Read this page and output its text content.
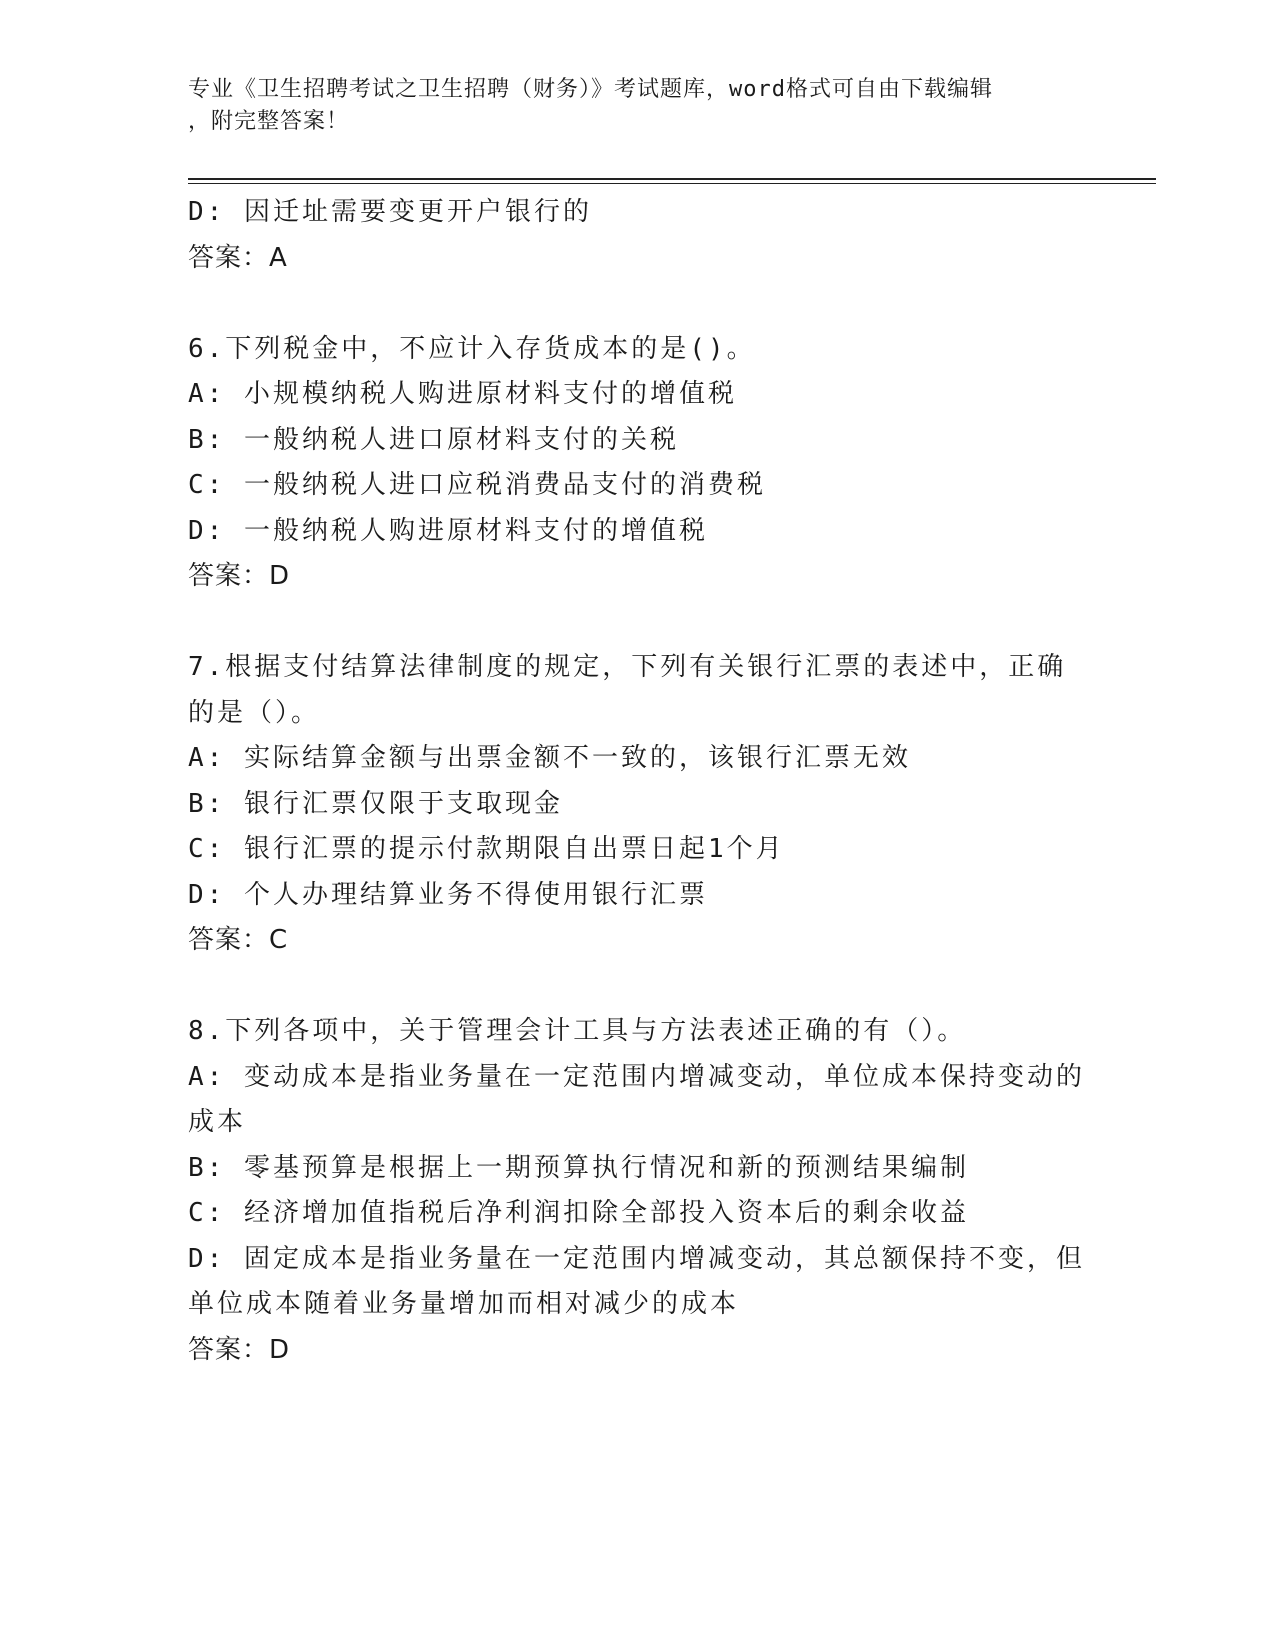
专业《卫生招聘考试之卫生招聘（财务）》考试题库，word格式可自由下载编辑
，附完整答案！
D: 因迁址需要变更开户银行的
答案：A
6.下列税金中，不应计入存货成本的是()。
A: 小规模纳税人购进原材料支付的增值税
B: 一般纳税人进口原材料支付的关税
C: 一般纳税人进口应税消费品支付的消费税
D: 一般纳税人购进原材料支付的增值税
答案：D
7.根据支付结算法律制度的规定，下列有关银行汇票的表述中，正确
的是（）。
A: 实际结算金额与出票金额不一致的，该银行汇票无效
B: 银行汇票仅限于支取现金
C: 银行汇票的提示付款期限自出票日起1个月
D: 个人办理结算业务不得使用银行汇票
答案：C
8.下列各项中，关于管理会计工具与方法表述正确的有（）。
A: 变动成本是指业务量在一定范围内增减变动，单位成本保持变动的
成本
B: 零基预算是根据上一期预算执行情况和新的预测结果编制
C: 经济增加值指税后净利润扣除全部投入资本后的剩余收益
D: 固定成本是指业务量在一定范围内增减变动，其总额保持不变，但
单位成本随着业务量增加而相对减少的成本
答案：D
